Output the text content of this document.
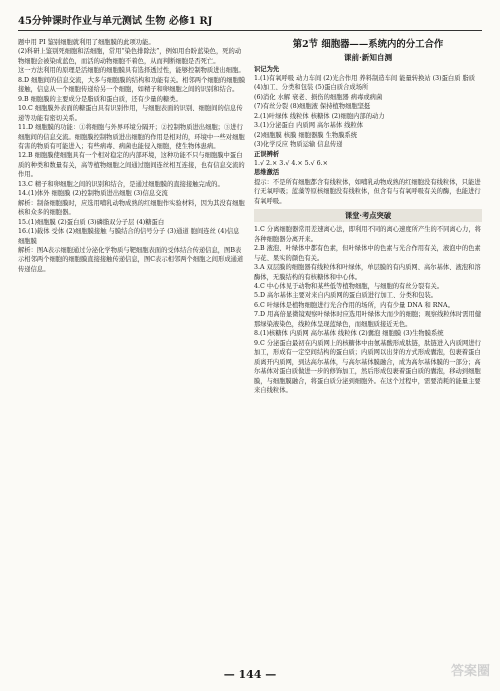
45分钟课时作业与单元测试 生物 必修1 RJ

题中用 PI 鉴别细胞就利用了细胞膜的此项功能。

(2)科研上鉴别死细胞和活细胞，常用“染色排除法”，例如用台盼蓝染色，死的动物细胞会被染成蓝色，而活的动物细胞不着色，从而判断细胞是否死亡。

这一方法利用的原理是活细胞的细胞膜具有选择透过性，能够控制物质进出细胞。

8.D 细胞间的信息交流，大多与细胞膜的结构和功能有关。相邻两个细胞的细胞膜接触，信息从一个细胞传递给另一个细胞，如精子和卵细胞之间的识别和结合。

9.B 细胞膜的主要成分是脂质和蛋白质，还有少量的糖类。

10.C 细胞膜外表面的糖蛋白具有识别作用，与细胞表面的识别、细胞间的信息传递等功能有密切关系。

11.D 细胞膜的功能：①将细胞与外界环境分隔开；②控制物质进出细胞；③进行细胞间的信息交流。细胞膜控制物质进出细胞的作用是相对的，环境中一些对细胞有害的物质有可能进入；有些病毒、病菌也能侵入细胞，使生物体患病。

12.B 细胞膜使细胞具有一个相对稳定的内部环境，这种功能不只与细胞膜中蛋白质的种类和数量有关，高等植物细胞之间通过胞间连丝相互连接，也有信息交流的作用。

13.C 精子和卵细胞之间的识别和结合，是通过细胞膜的直接接触完成的。

14.(1)体外 细胞膜 (2)控制物质进出细胞 (3)信息交流

解析：制备细胞膜时，应选用哺乳动物成熟的红细胞作实验材料，因为其没有细胞核和众多的细胞器。

15.(1)细胞膜 (2)蛋白质 (3)磷脂双分子层 (4)糖蛋白

16.(1)载体 受体 (2)细胞膜接触 与膜结合的信号分子 (3)通道 胞间连丝 (4)信息 细胞膜

解析：图A表示细胞通过分泌化学物质与靶细胞表面的受体结合传递信息，图B表示相邻两个细胞的细胞膜直接接触传递信息，图C表示相邻两个细胞之间形成通道传递信息。

第2节 细胞器——系统内的分工合作
课前·新知自测

识记为先

1.(1)有氧呼吸 动力车间 (2)光合作用 养料制造车间 能量转换站 (3)蛋白质 脂质

(4)加工、分类和包装 (5)蛋白质合成场所

(6)消化 水解 衰老、损伤的细胞器 病毒或病菌

(7)有丝分裂 (8)细胞液 保持植物细胞坚挺

2.(1)叶绿体 线粒体 核糖体 (2)细胞内部的动力

3.(1)分泌蛋白 内质网 高尔基体 线粒体

(2)细胞膜 核膜 细胞器膜 生物膜系统

(3)化学反应 物质运输 信息传递

正误辨析

1.√ 2.× 3.√ 4.× 5.√ 6.×

思维激活

提示：不是所有细胞都含有线粒体，如哺乳动物成熟的红细胞没有线粒体，只能进行无氧呼吸；蓝藻等原核细胞没有线粒体，但含有与有氧呼吸有关的酶，也能进行有氧呼吸。

课堂·考点突破

1.C 分离细胞器常用差速离心法，即利用不同的离心速度所产生的不同离心力，将各种细胞器分离开来。

2.B 液泡、叶绿体中都有色素，但叶绿体中的色素与光合作用有关，液泡中的色素与花、果实的颜色有关。

3.A 双层膜的细胞器有线粒体和叶绿体，单层膜的有内质网、高尔基体、液泡和溶酶体，无膜结构的有核糖体和中心体。

4.C 中心体见于动物和某些低等植物细胞，与细胞的有丝分裂有关。

5.D 高尔基体主要对来自内质网的蛋白质进行加工、分类和包装。

6.C 叶绿体是植物细胞进行光合作用的场所，内有少量 DNA 和 RNA。

7.D 用高倍显微镜观察叶绿体时应选用叶绿体大而少的细胞；观察线粒体时需用健那绿染液染色，线粒体呈现蓝绿色，而细胞质接近无色。

8.(1)核糖体 内质网 高尔基体 线粒体 (2)囊泡 细胞膜 (3)生物膜系统

9.C 分泌蛋白最初在内质网上的核糖体中由氨基酸形成肽链，肽链进入内质网进行加工，形成有一定空间结构的蛋白质；内质网以出芽的方式形成囊泡，包裹着蛋白质离开内质网，到达高尔基体，与高尔基体膜融合，成为高尔基体膜的一部分；高尔基体对蛋白质做进一步的修饰加工，然后形成包裹着蛋白质的囊泡，移动到细胞膜，与细胞膜融合，将蛋白质分泌到细胞外。在这个过程中，需要消耗的能量主要来自线粒体。

— 144 —	答案圈
